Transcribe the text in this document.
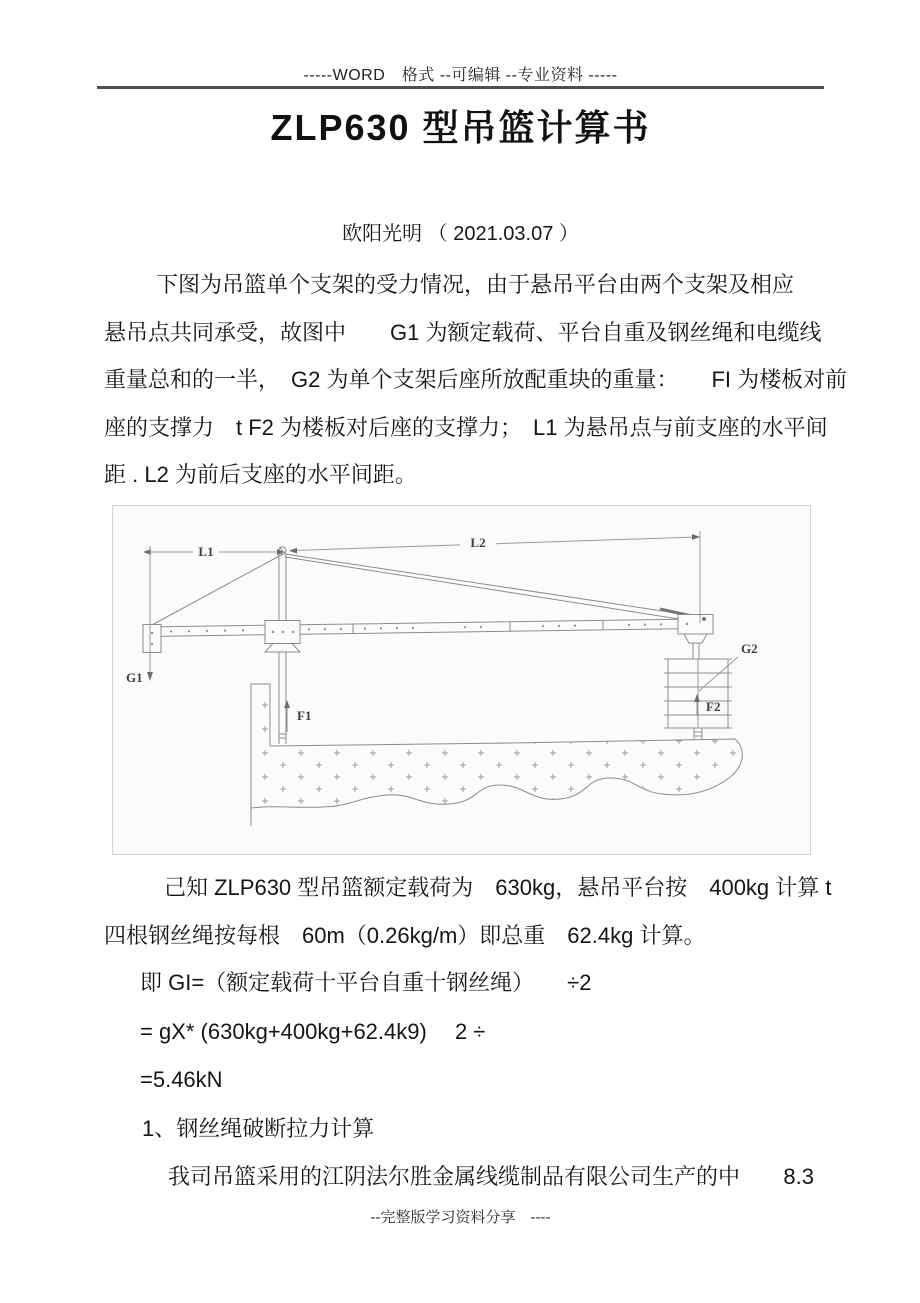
-----WORD　格式 --可编辑 --专业资料 -----
ZLP630 型吊篮计算书
欧阳光明 （ 2021.03.07 ）
下图为吊篮单个支架的受力情况，由于悬吊平台由两个支架及相应
悬吊点共同承受，故图中　　G1 为额定载荷、平台自重及钢丝绳和电缆线
重量总和的一半，　G2 为单个支架后座所放配重块的重量：　　FI 为楼板对前
座的支撑力　t F2 为楼板对后座的支撑力；　L1 为悬吊点与前支座的水平间
距 . L2 为前后支座的水平间距。
L1
L2
G1
F1
F2
G2
己知 ZLP630 型吊篮额定载荷为　630kg，悬吊平台按　400kg 计算 t
四根钢丝绳按每根　60m（0.26kg/m）即总重　62.4kg 计算。
即 GI=（额定载荷十平台自重十钢丝绳）　　÷2
= gX* (630kg+400kg+62.4k9)　 2 ÷
=5.46kN
1、钢丝绳破断拉力计算
我司吊篮采用的江阴法尔胜金属线缆制品有限公司生产的中 8.3
--完整版学习资料分享　----
